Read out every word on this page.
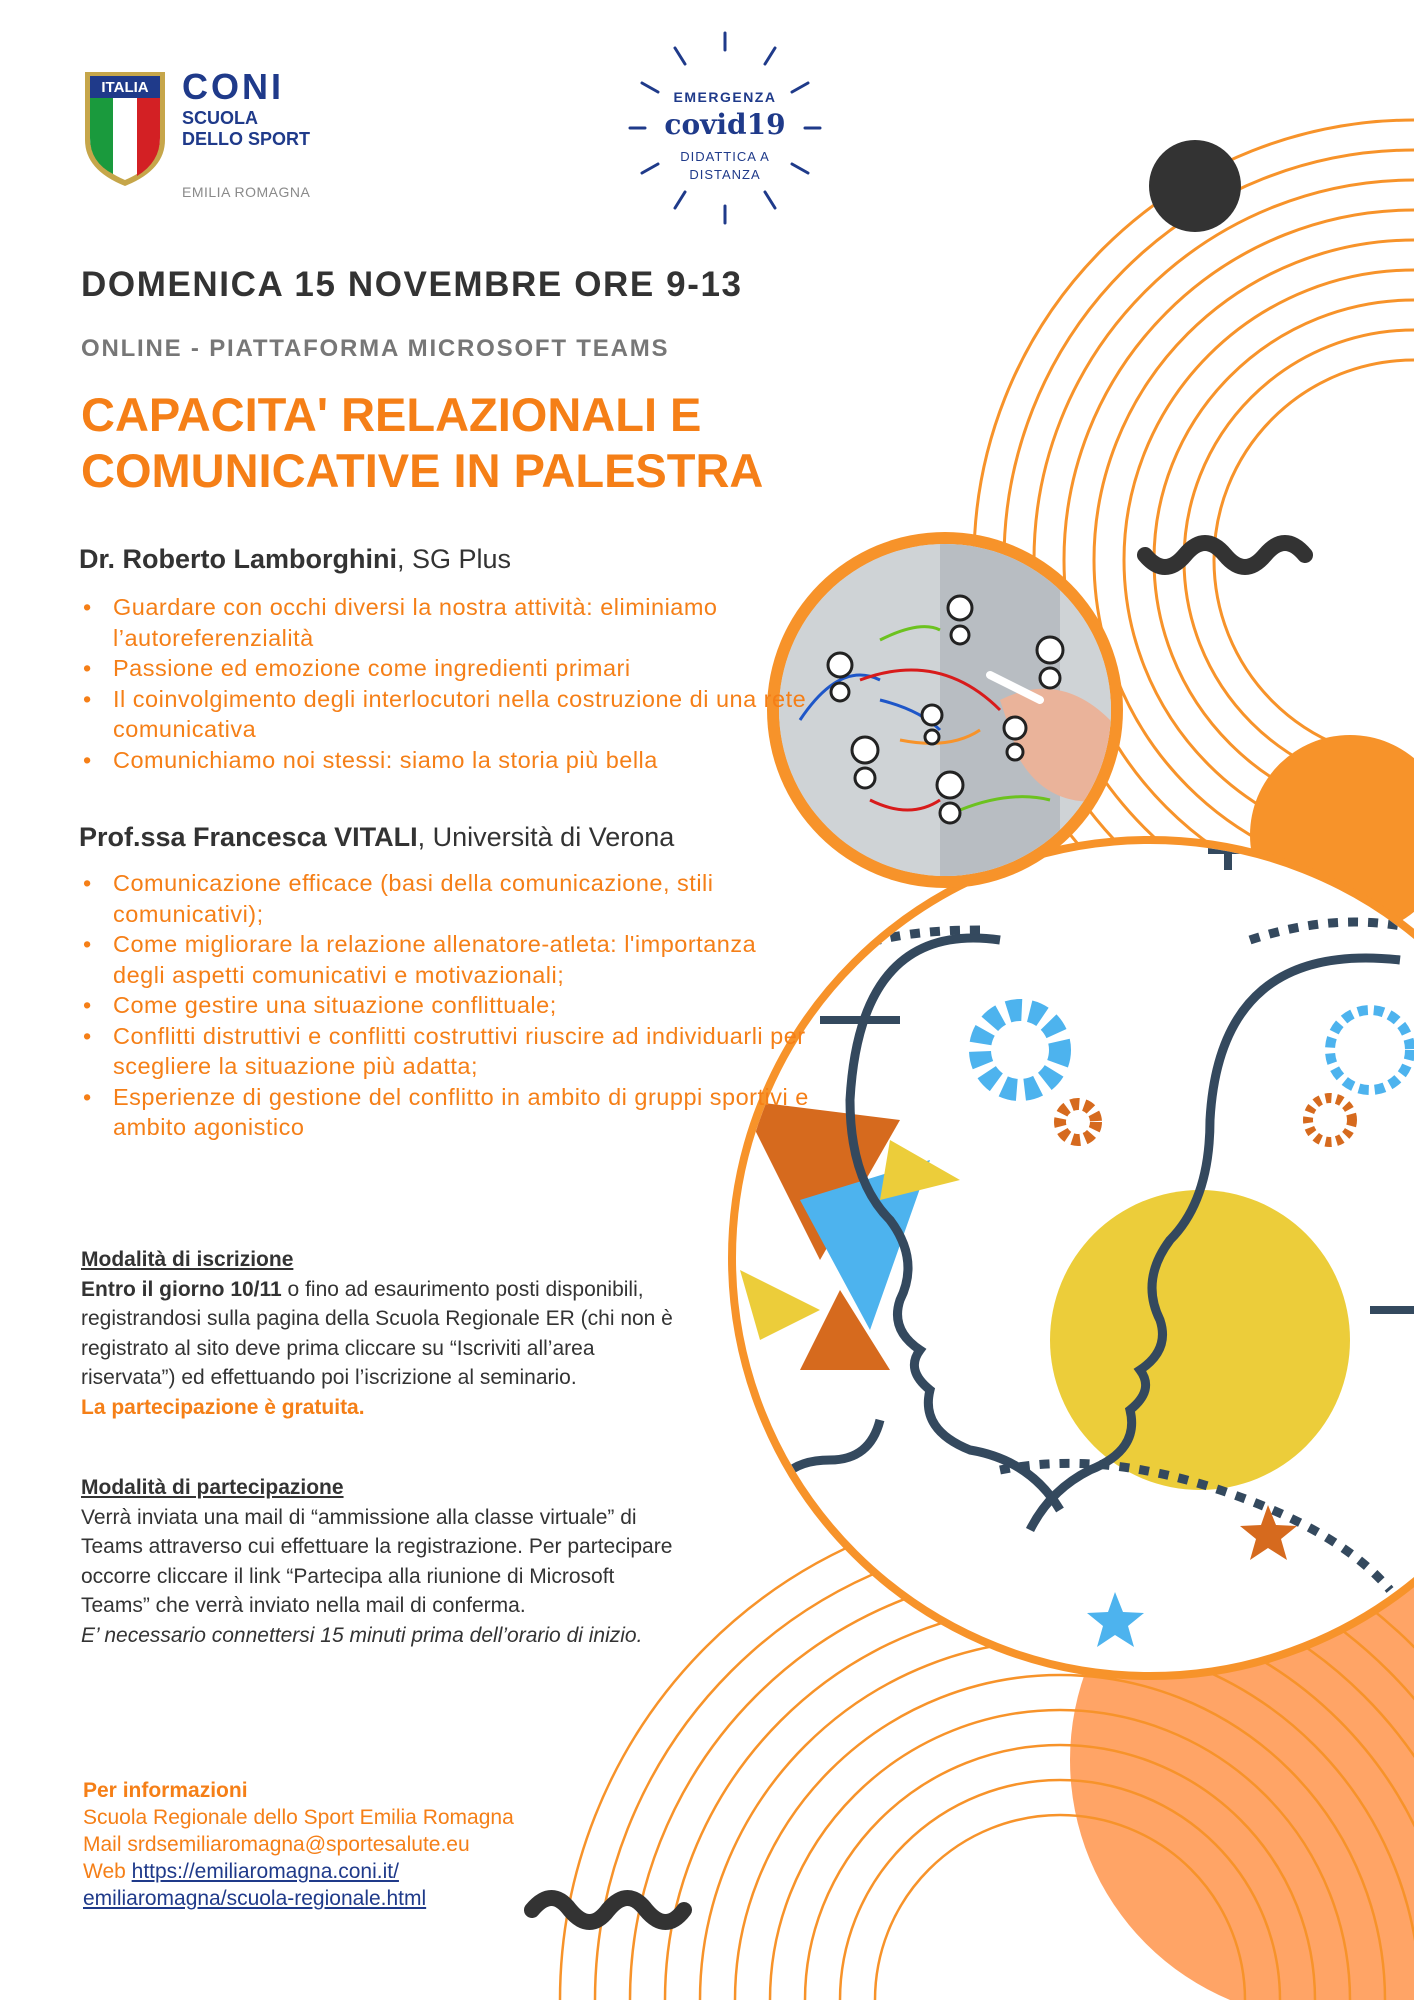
ITALIA CONI
SCUOLA
DELLO SPORT
EMILIA ROMAGNA
EMERGENZA
covid19
DIDATTICA A
DISTANZA
DOMENICA 15 NOVEMBRE ORE 9-13
ONLINE - PIATTAFORMA MICROSOFT TEAMS
CAPACITA' RELAZIONALI E
COMUNICATIVE IN PALESTRA
Dr. Roberto Lamborghini, SG Plus
• Guardare con occhi diversi la nostra attività: eliminiamo l’autoreferenzialità
• Passione ed emozione come ingredienti primari
• Il coinvolgimento degli interlocutori nella costruzione di una rete comunicativa
• Comunichiamo noi stessi: siamo la storia più bella
Prof.ssa Francesca VITALI, Università di Verona
• Comunicazione efficace (basi della comunicazione, stili comunicativi);
• Come migliorare la relazione allenatore-atleta: l'importanza degli aspetti comunicativi e motivazionali;
• Come gestire una situazione conflittuale;
• Conflitti distruttivi e conflitti costruttivi riuscire ad individuarli per scegliere la situazione più adatta;
• Esperienze di gestione del conflitto in ambito di gruppi sportivi e ambito agonistico
Modalità di iscrizione
Entro il giorno 10/11 o fino ad esaurimento posti disponibili, registrandosi sulla pagina della Scuola Regionale ER (chi non è registrato al sito deve prima cliccare su “Iscriviti all’area riservata”) ed effettuando poi l’iscrizione al seminario.
La partecipazione è gratuita.
Modalità di partecipazione
Verrà inviata una mail di “ammissione alla classe virtuale” di Teams attraverso cui effettuare la registrazione. Per partecipare occorre cliccare il link “Partecipa alla riunione di Microsoft Teams” che verrà inviato nella mail di conferma.
E’ necessario connettersi 15 minuti prima dell’orario di inizio.
Per informazioni
Scuola Regionale dello Sport Emilia Romagna
Mail srdsemiliaromagna@sportesalute.eu
Web https://emiliaromagna.coni.it/
emiliaromagna/scuola-regionale.html
